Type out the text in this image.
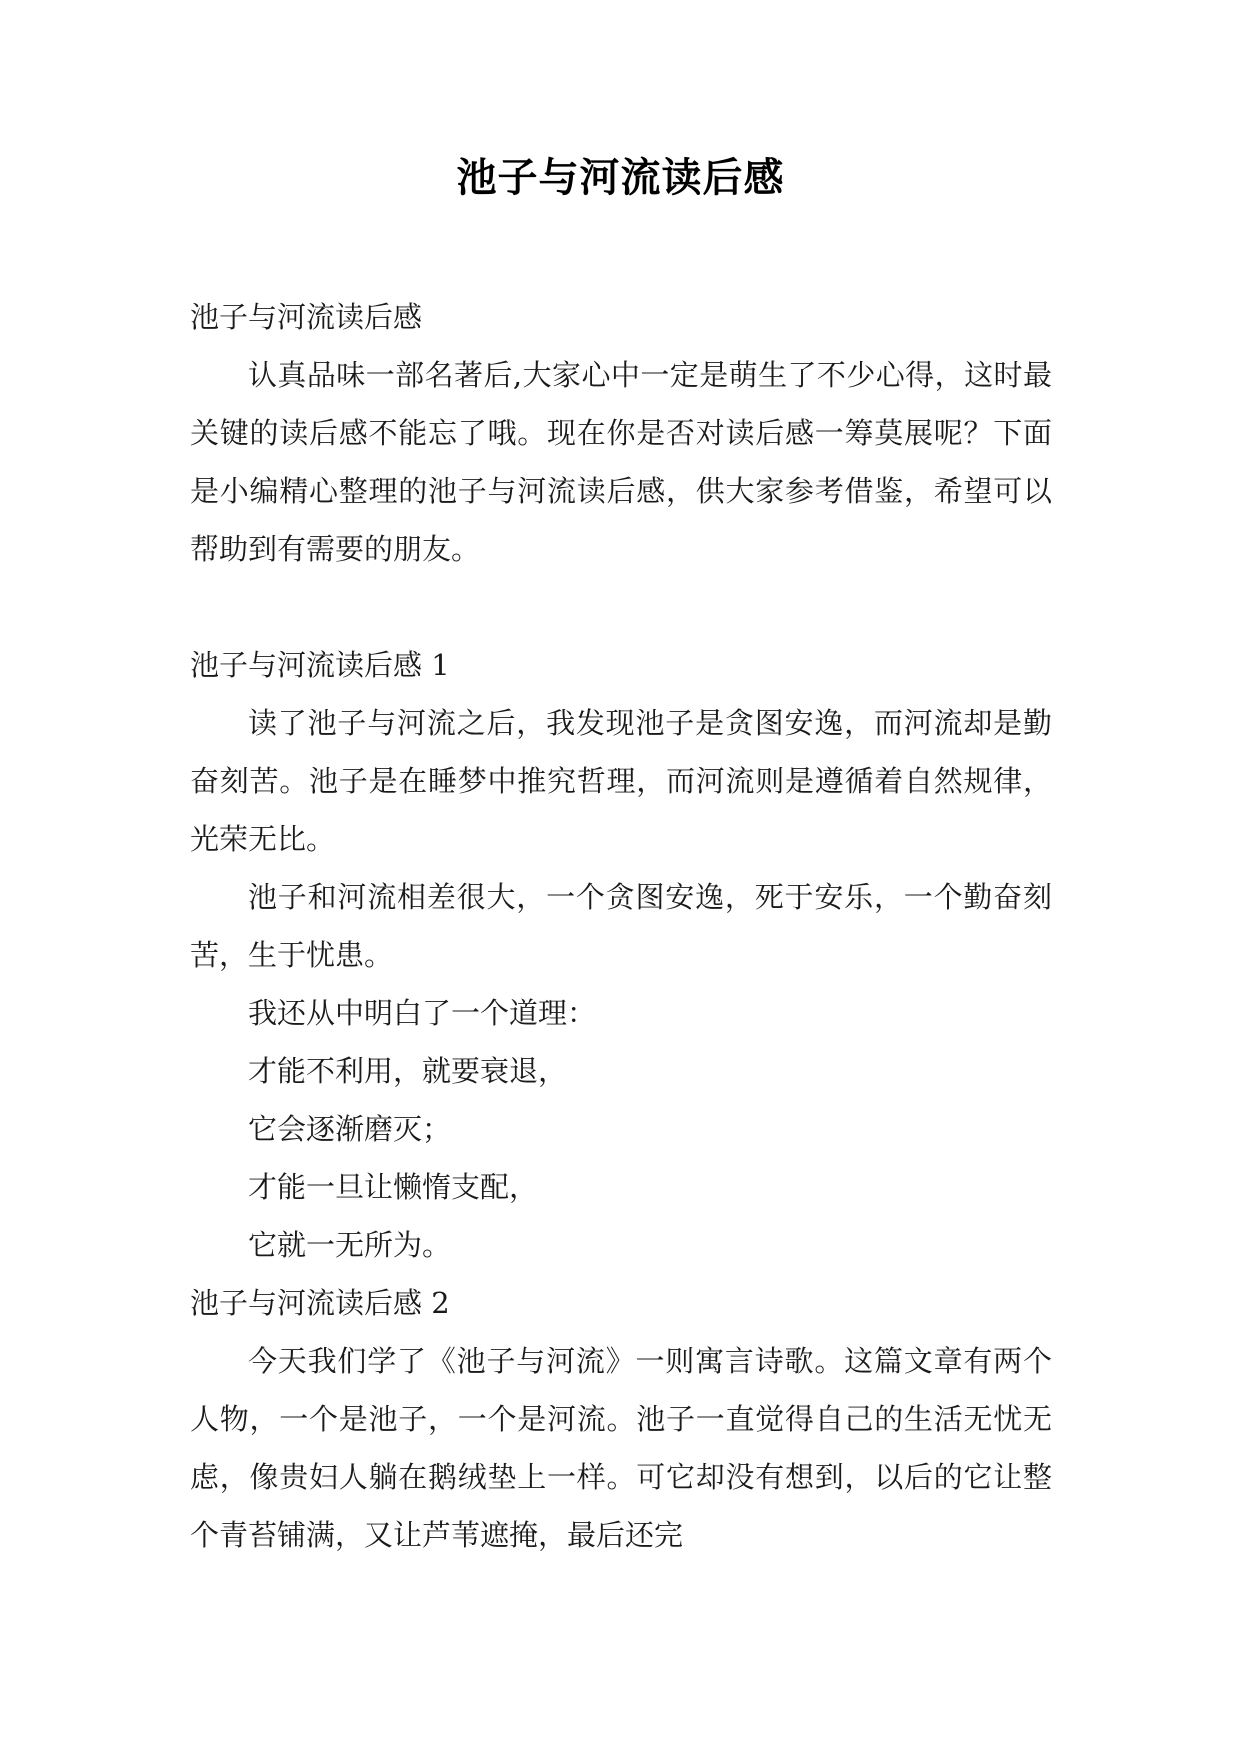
池子与河流读后感

池子与河流读后感

认真品味一部名著后,大家心中一定是萌生了不少心得，这时最关键的读后感不能忘了哦。现在你是否对读后感一筹莫展呢？下面是小编精心整理的池子与河流读后感，供大家参考借鉴，希望可以帮助到有需要的朋友。

池子与河流读后感 1

读了池子与河流之后，我发现池子是贪图安逸，而河流却是勤奋刻苦。池子是在睡梦中推究哲理，而河流则是遵循着自然规律，光荣无比。

池子和河流相差很大，一个贪图安逸，死于安乐，一个勤奋刻苦，生于忧患。

我还从中明白了一个道理：

才能不利用，就要衰退，

它会逐渐磨灭；

才能一旦让懒惰支配，

它就一无所为。

池子与河流读后感 2

今天我们学了《池子与河流》一则寓言诗歌。这篇文章有两个人物，一个是池子，一个是河流。池子一直觉得自己的生活无忧无虑，像贵妇人躺在鹅绒垫上一样。可它却没有想到，以后的它让整个青苔铺满，又让芦苇遮掩，最后还完
